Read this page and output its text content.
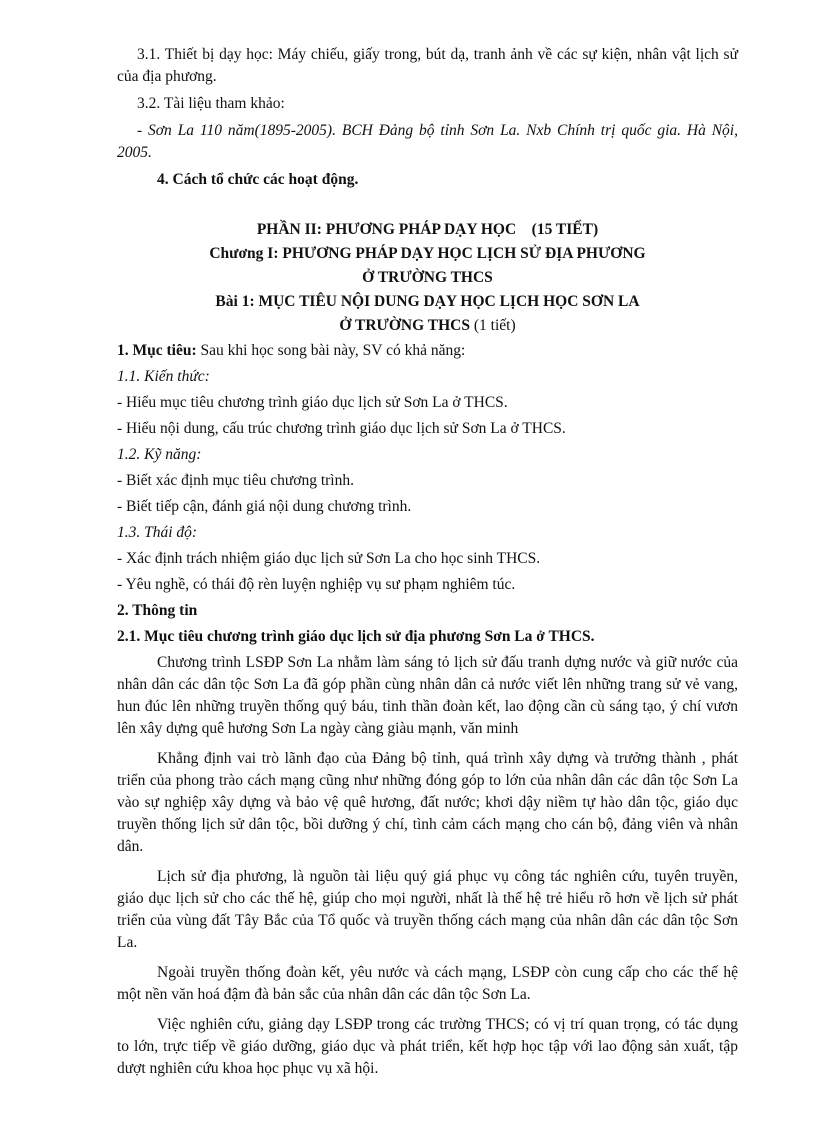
3.1. Thiết bị dạy học: Máy chiếu, giấy trong, bút dạ, tranh ảnh về các sự kiện, nhân vật lịch sử của địa phương.

3.2. Tài liệu tham khảo:

- Sơn La 110 năm(1895-2005). BCH Đảng bộ tỉnh Sơn La. Nxb Chính trị quốc gia. Hà Nội, 2005.

4. Cách tổ chức các hoạt động.

PHẦN II: PHƯƠNG PHÁP DẠY HỌC    (15 TIẾT)

Chương I: PHƯƠNG PHÁP DẠY HỌC LỊCH SỬ ĐỊA PHƯƠNG

Ở TRƯỜNG THCS

Bài 1: MỤC TIÊU NỘI DUNG DẠY HỌC LỊCH HỌC SƠN LA

Ở TRƯỜNG THCS (1 tiết)

1. Mục tiêu: Sau khi học song bài này, SV có khả năng:

1.1. Kiến thức:

- Hiểu mục tiêu chương trình giáo dục lịch sử Sơn La ở THCS.

- Hiểu nội dung, cấu trúc chương trình giáo dục lịch sử Sơn La ở THCS.

1.2. Kỹ năng:

- Biết xác định mục tiêu chương trình.

- Biết tiếp cận, đánh giá nội dung chương trình.

1.3. Thái độ:

- Xác định trách nhiệm giáo dục lịch sử Sơn La cho học sinh THCS.

- Yêu nghề, có thái độ rèn luyện nghiệp vụ sư phạm nghiêm túc.

2. Thông tin

2.1. Mục tiêu chương trình giáo dục lịch sử địa phương Sơn La ở THCS.

Chương trình LSĐP Sơn La nhằm làm sáng tỏ lịch sử đấu tranh dựng nước và giữ nước của nhân dân các dân tộc Sơn La đã góp phần cùng nhân dân cả nước viết lên những trang sử vẻ vang, hun đúc lên những truyền thống quý báu, tinh thần đoàn kết, lao động cần cù sáng tạo, ý chí vươn lên xây dựng quê hương Sơn La ngày càng giàu mạnh, văn minh

Khẳng định vai trò lãnh đạo của Đảng bộ tỉnh, quá trình xây dựng và trưởng thành , phát triển của phong trào cách mạng cũng như những đóng góp to lớn của nhân dân các dân tộc Sơn La vào sự nghiệp xây dựng và bảo vệ quê hương, đất nước; khơi dậy niềm tự hào dân tộc, giáo dục truyền thống lịch sử dân tộc, bồi dưỡng ý chí, tình cảm cách mạng cho cán bộ, đảng viên và nhân dân.

Lịch sử địa phương, là nguồn tài liệu quý giá phục vụ công tác nghiên cứu, tuyên truyền, giáo dục lịch sử cho các thế hệ, giúp cho mọi người, nhất là thế hệ trẻ hiểu rõ hơn về lịch sử phát triển của vùng đất Tây Bắc của Tổ quốc và truyền thống cách mạng của nhân dân các dân tộc Sơn La.

Ngoài truyền thống đoàn kết, yêu nước và cách mạng, LSĐP còn cung cấp cho các thế hệ một nền văn hoá đậm đà bản sắc của nhân dân các dân tộc Sơn La.

Việc nghiên cứu, giảng dạy LSĐP trong các trường THCS; có vị trí quan trọng, có tác dụng to lớn, trực tiếp về giáo dưỡng, giáo dục và phát triển, kết hợp học tập với lao động sản xuất, tập dượt nghiên cứu khoa học phục vụ xã hội.
